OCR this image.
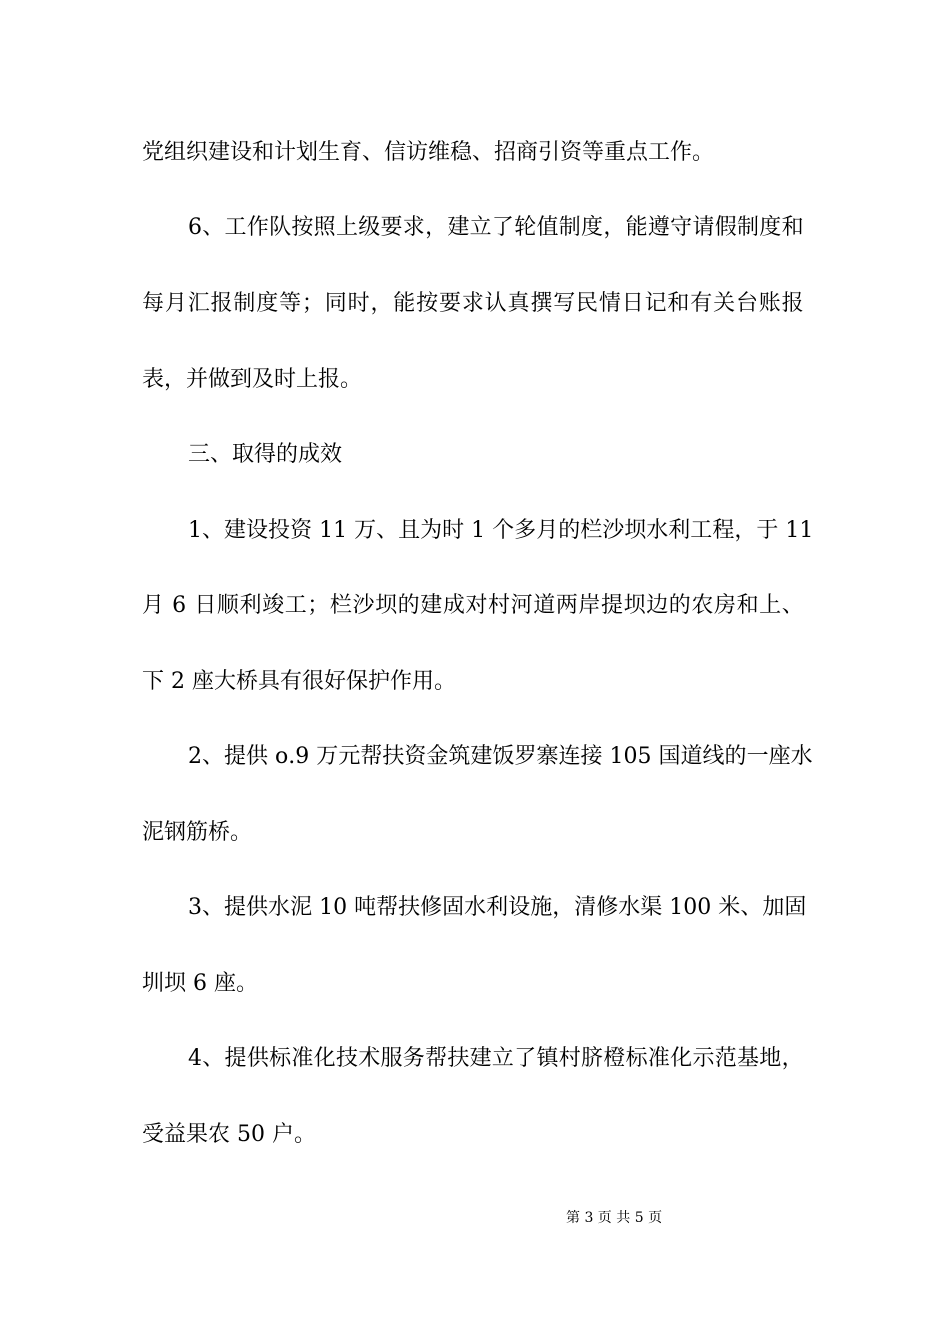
党组织建设和计划生育、信访维稳、招商引资等重点工作。
6 、 工 作 队 按 照 上 级 要 求 ， 建 立 了 轮 值 制 度 ， 能 遵 守 请 假 制 度 和
每 月 汇 报 制 度 等 ； 同 时 ， 能 按 要 求 认 真 撰 写 民 情 日 记 和 有 关 台 账 报
表，并做到及时上报。
三、取得的成效
1 、 建 设 投 资
1 1
万 、 且 为 时
1
个 多 月 的 栏 沙 坝 水 利 工 程 ， 于
1 1
月
6
日 顺 利 竣 工 ； 栏 沙 坝 的 建 成 对 村 河 道 两 岸 提 坝 边 的 农 房 和 上 、
下 2 座大桥具有很好保护作用。
2 、 提 供
o . 9
万 元 帮 扶 资 金 筑 建 饭 罗 寨 连 接
1 0 5
国 道 线 的 一 座 水
泥钢筋桥。
3 、 提 供 水 泥
1 0
吨 帮 扶 修 固 水 利 设 施 ， 清 修 水 渠
1 0 0
米 、 加 固
圳坝 6 座。
4 、 提 供 标 准 化 技 术 服 务 帮 扶 建 立 了 镇 村 脐 橙 标 准 化 示 范 基 地 ，
受益果农 50 户。
第 3 页 共 5 页
